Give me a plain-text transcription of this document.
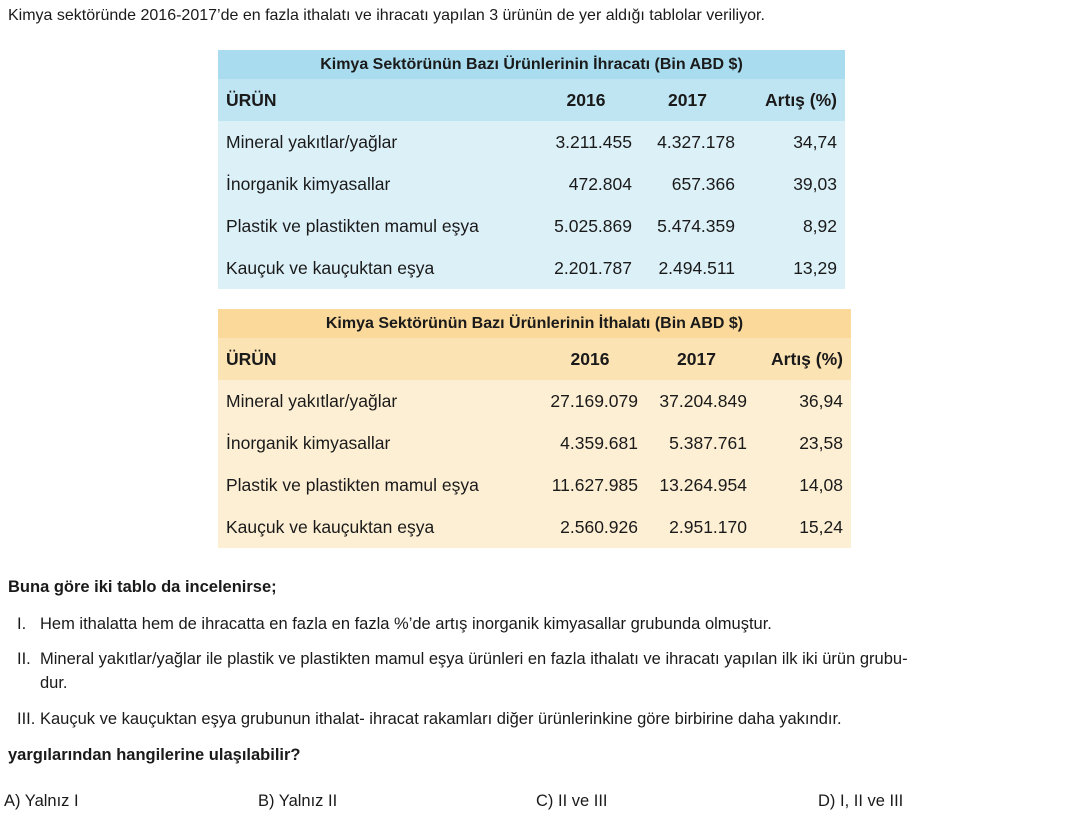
Kimya sektöründe 2016-2017’de en fazla ithalatı ve ihracatı yapılan 3 ürünün de yer aldığı tablolar veriliyor.
Kimya Sektörünün Bazı Ürünlerinin İhracatı (Bin ABD $)			
ÜRÜN	2016	2017	Artış (%)
Mineral yakıtlar/yağlar	3.211.455	4.327.178	34,74
İnorganik kimyasallar	472.804	657.366	39,03
Plastik ve plastikten mamul eşya	5.025.869	5.474.359	8,92
Kauçuk ve kauçuktan eşya	2.201.787	2.494.511	13,29
Kimya Sektörünün Bazı Ürünlerinin İthalatı (Bin ABD $)			
ÜRÜN	2016	2017	Artış (%)
Mineral yakıtlar/yağlar	27.169.079	37.204.849	36,94
İnorganik kimyasallar	4.359.681	5.387.761	23,58
Plastik ve plastikten mamul eşya	11.627.985	13.264.954	14,08
Kauçuk ve kauçuktan eşya	2.560.926	2.951.170	15,24
Buna göre iki tablo da incelenirse;
I. Hem ithalatta hem de ihracatta en fazla en fazla %’de artış inorganik kimyasallar grubunda olmuştur.
II. Mineral yakıtlar/yağlar ile plastik ve plastikten mamul eşya ürünleri en fazla ithalatı ve ihracatı yapılan ilk iki ürün grubu-
dur.
III. Kauçuk ve kauçuktan eşya grubunun ithalat- ihracat rakamları diğer ürünlerinkine göre birbirine daha yakındır.
yargılarından hangilerine ulaşılabilir?
A) Yalnız I	B) Yalnız II	C) II ve III	D) I, II ve III
